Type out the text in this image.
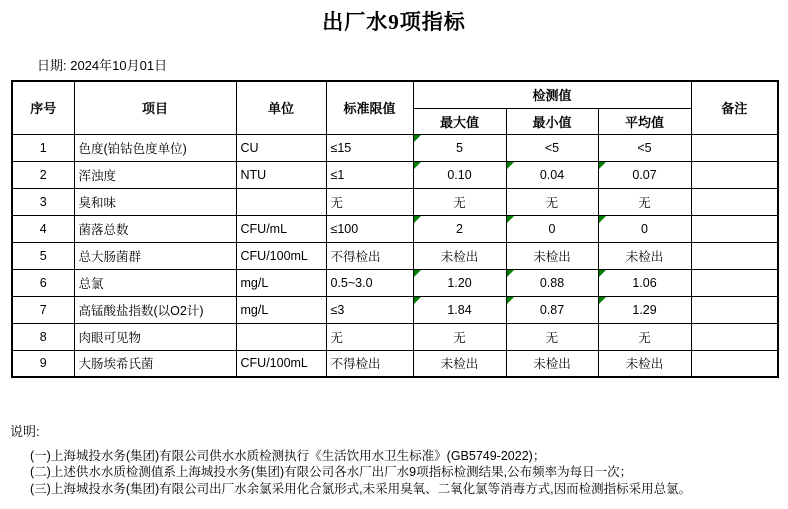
出厂水9项指标
日期: 2024年10月01日
序号	项目	单位	标准限值	检测值			备注
				最大值	最小值	平均值	
1	色度(铂钴色度单位)	CU	≤15	5	<5	<5	
2	浑浊度	NTU	≤1	0.10	0.04	0.07	
3	臭和味		无	无	无	无	
4	菌落总数	CFU/mL	≤100	2	0	0	
5	总大肠菌群	CFU/100mL	不得检出	未检出	未检出	未检出	
6	总氯	mg/L	0.5~3.0	1.20	0.88	1.06	
7	高锰酸盐指数(以O2计)	mg/L	≤3	1.84	0.87	1.29	
8	肉眼可见物		无	无	无	无	
9	大肠埃希氏菌	CFU/100mL	不得检出	未检出	未检出	未检出	
说明:

(一)上海城投水务(集团)有限公司供水水质检测执行《生活饮用水卫生标准》(GB5749-2022)；

(二)上述供水水质检测值系上海城投水务(集团)有限公司各水厂出厂水9项指标检测结果,公布频率为每日一次；

(三)上海城投水务(集团)有限公司出厂水余氯采用化合氯形式,未采用臭氧、二氧化氯等消毒方式,因而检测指标采用总氯。
